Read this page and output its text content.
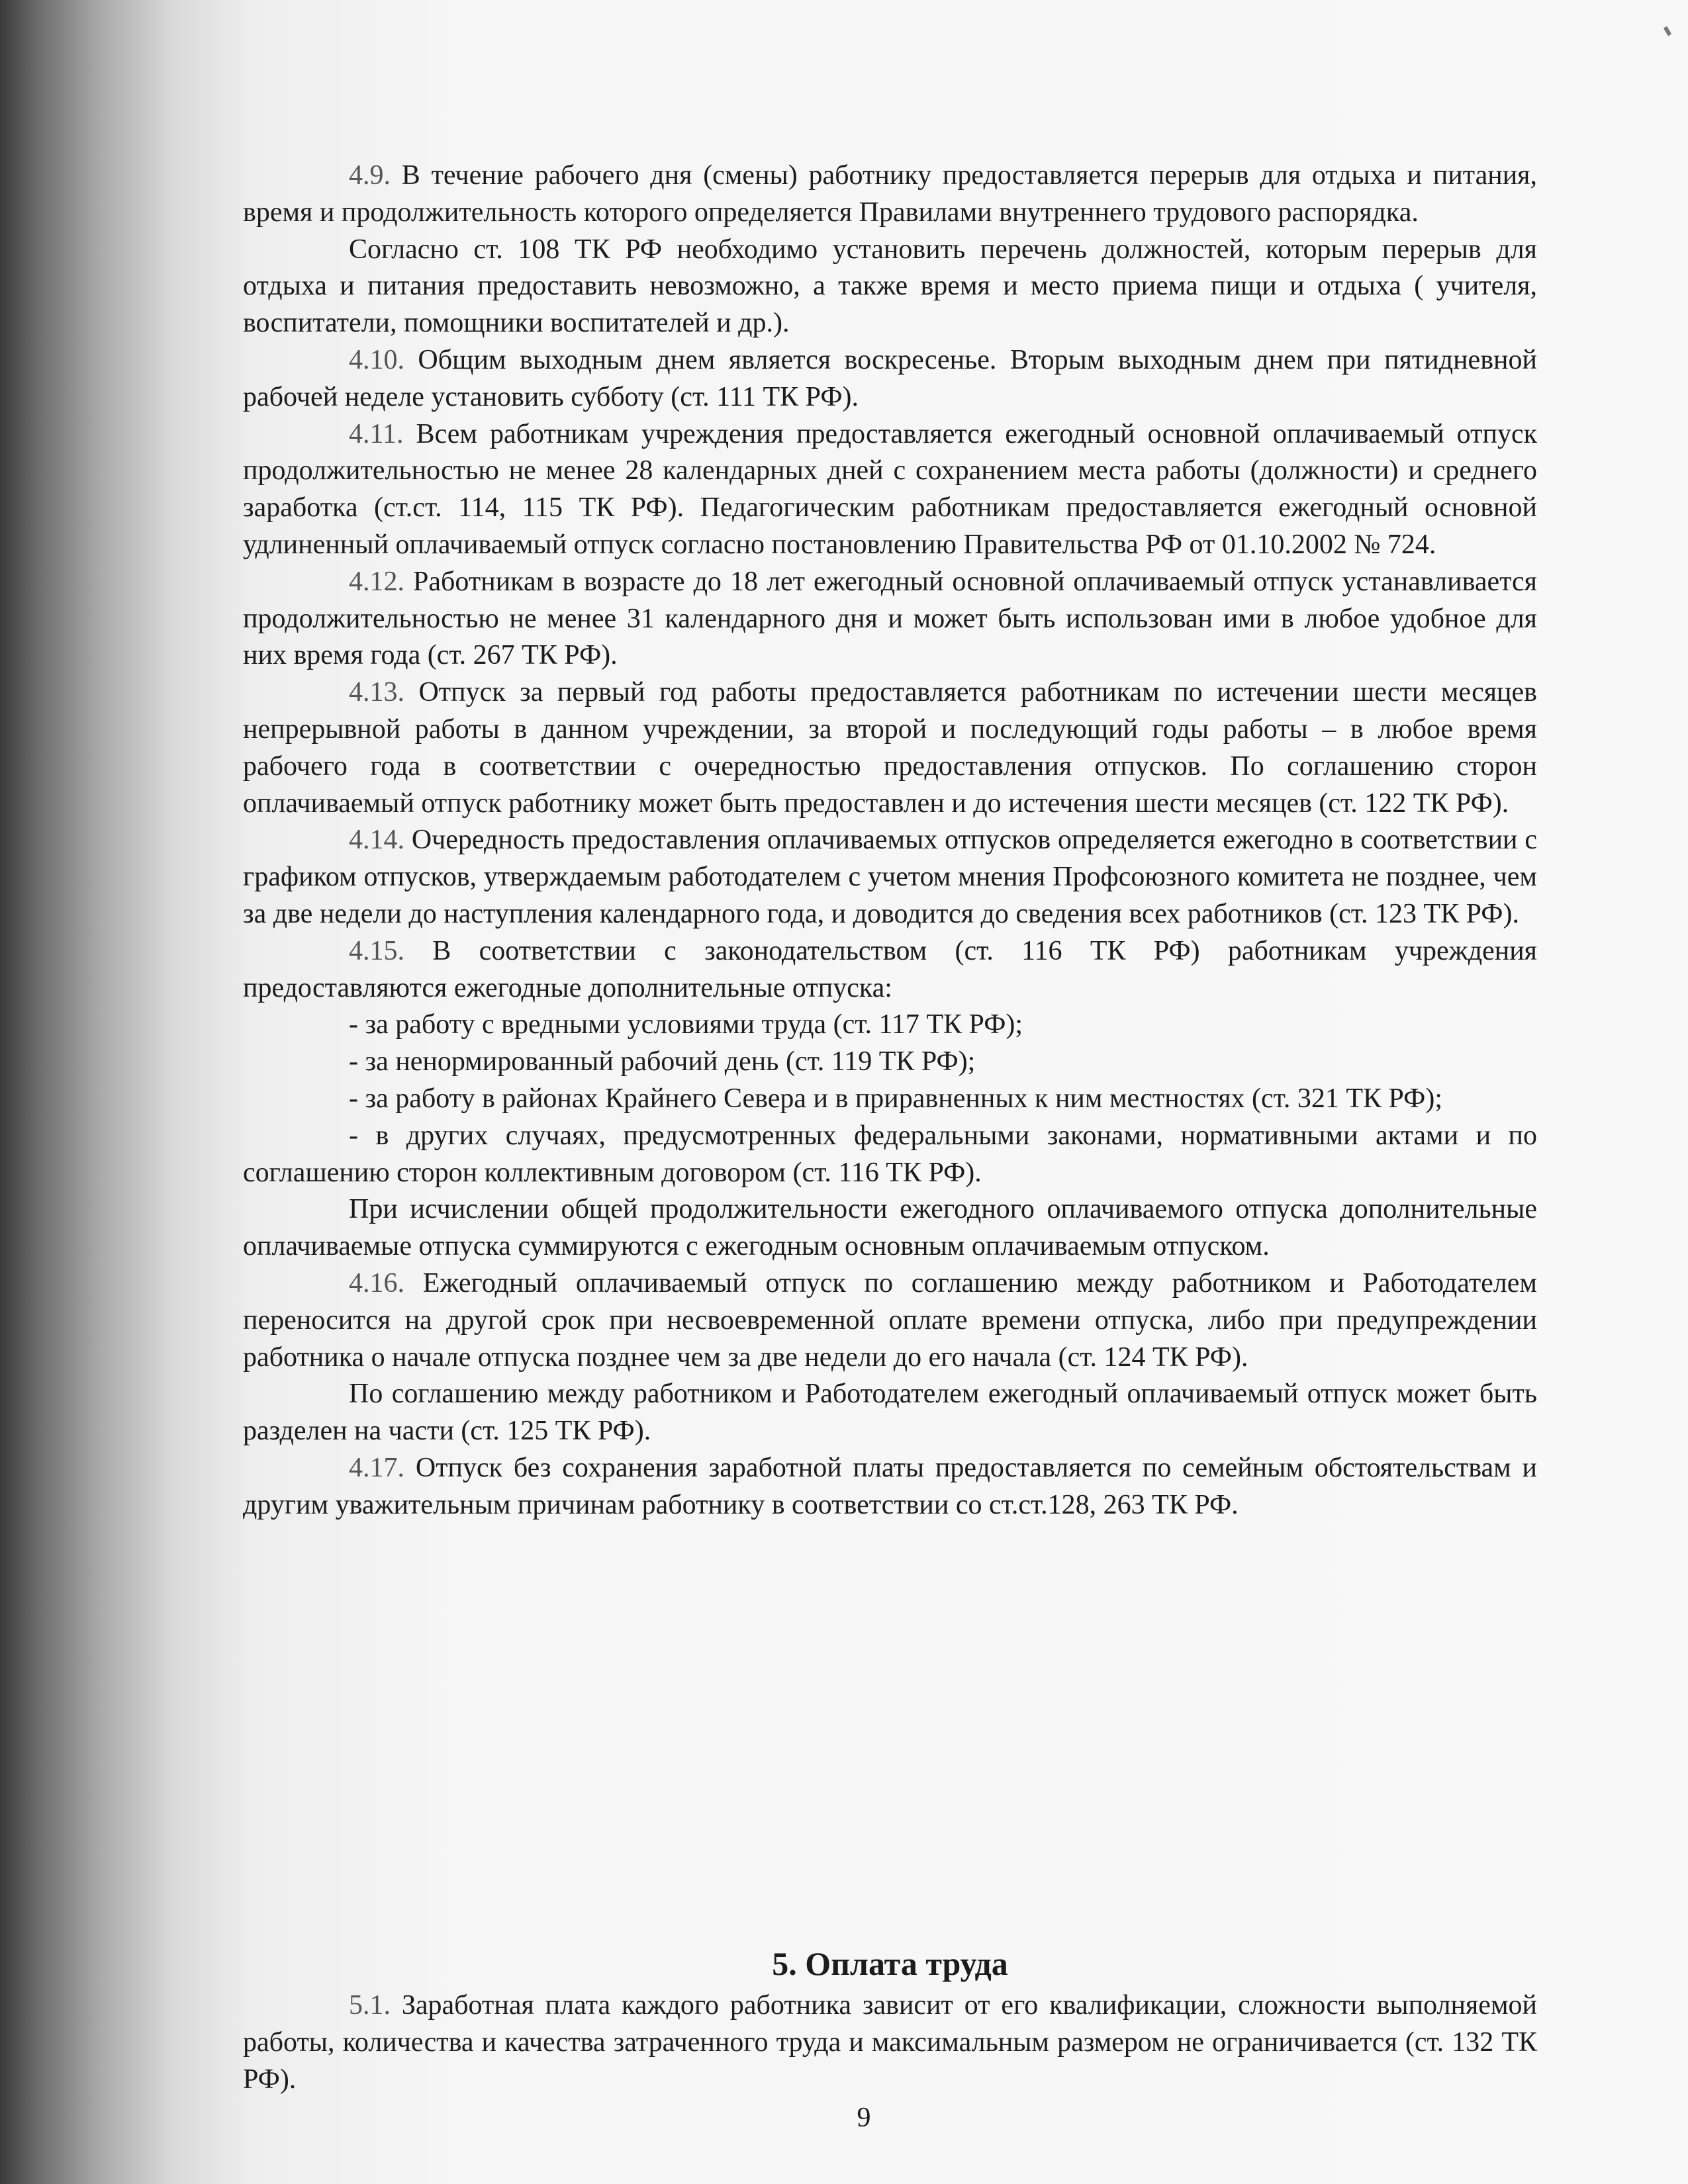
4.9. В течение рабочего дня (смены) работнику предоставляется перерыв для отдыха и питания, время и продолжительность которого определяется Правилами внутреннего трудового распорядка.

Согласно ст. 108 ТК РФ необходимо установить перечень должностей, которым перерыв для отдыха и питания предоставить невозможно, а также время и место приема пищи и отдыха ( учителя, воспитатели, помощники воспитателей и др.).

4.10. Общим выходным днем является воскресенье. Вторым выходным днем при пятидневной рабочей неделе установить субботу (ст. 111 ТК РФ).

4.11. Всем работникам учреждения предоставляется ежегодный основной оплачиваемый отпуск продолжительностью не менее 28 календарных дней с сохранением места работы (должности) и среднего заработка (ст.ст. 114, 115 ТК РФ). Педагогическим работникам предоставляется ежегодный основной удлиненный оплачиваемый отпуск согласно постановлению Правительства РФ от 01.10.2002 № 724.

4.12. Работникам в возрасте до 18 лет ежегодный основной оплачиваемый отпуск устанавливается продолжительностью не менее 31 календарного дня и может быть использован ими в любое удобное для них время года (ст. 267 ТК РФ).

4.13. Отпуск за первый год работы предоставляется работникам по истечении шести месяцев непрерывной работы в данном учреждении, за второй и последующий годы работы – в любое время рабочего года в соответствии с очередностью предоставления отпусков. По соглашению сторон оплачиваемый отпуск работнику может быть предоставлен и до истечения шести месяцев (ст. 122 ТК РФ).

4.14. Очередность предоставления оплачиваемых отпусков определяется ежегодно в соответствии с графиком отпусков, утверждаемым работодателем с учетом мнения Профсоюзного комитета не позднее, чем за две недели до наступления календарного года, и доводится до сведения всех работников (ст. 123 ТК РФ).

4.15. В соответствии с законодательством (ст. 116 ТК РФ) работникам учреждения предоставляются ежегодные дополнительные отпуска:

- за работу с вредными условиями труда (ст. 117 ТК РФ);

- за ненормированный рабочий день (ст. 119 ТК РФ);

- за работу в районах Крайнего Севера и в приравненных к ним местностях (ст. 321 ТК РФ);

- в других случаях, предусмотренных федеральными законами, нормативными актами и по соглашению сторон коллективным договором (ст. 116 ТК РФ).

При исчислении общей продолжительности ежегодного оплачиваемого отпуска дополнительные оплачиваемые отпуска суммируются с ежегодным основным оплачиваемым отпуском.

4.16. Ежегодный оплачиваемый отпуск по соглашению между работником и Работодателем переносится на другой срок при несвоевременной оплате времени отпуска, либо при предупреждении работника о начале отпуска позднее чем за две недели до его начала (ст. 124 ТК РФ).

По соглашению между работником и Работодателем ежегодный оплачиваемый отпуск может быть разделен на части (ст. 125 ТК РФ).

4.17. Отпуск без сохранения заработной платы предоставляется по семейным обстоятельствам и другим уважительным причинам работнику в соответствии со ст.ст.128, 263 ТК РФ.

5. Оплата труда

5.1. Заработная плата каждого работника зависит от его квалификации, сложности выполняемой работы, количества и качества затраченного труда и максимальным размером не ограничивается (ст. 132 ТК РФ).

9
